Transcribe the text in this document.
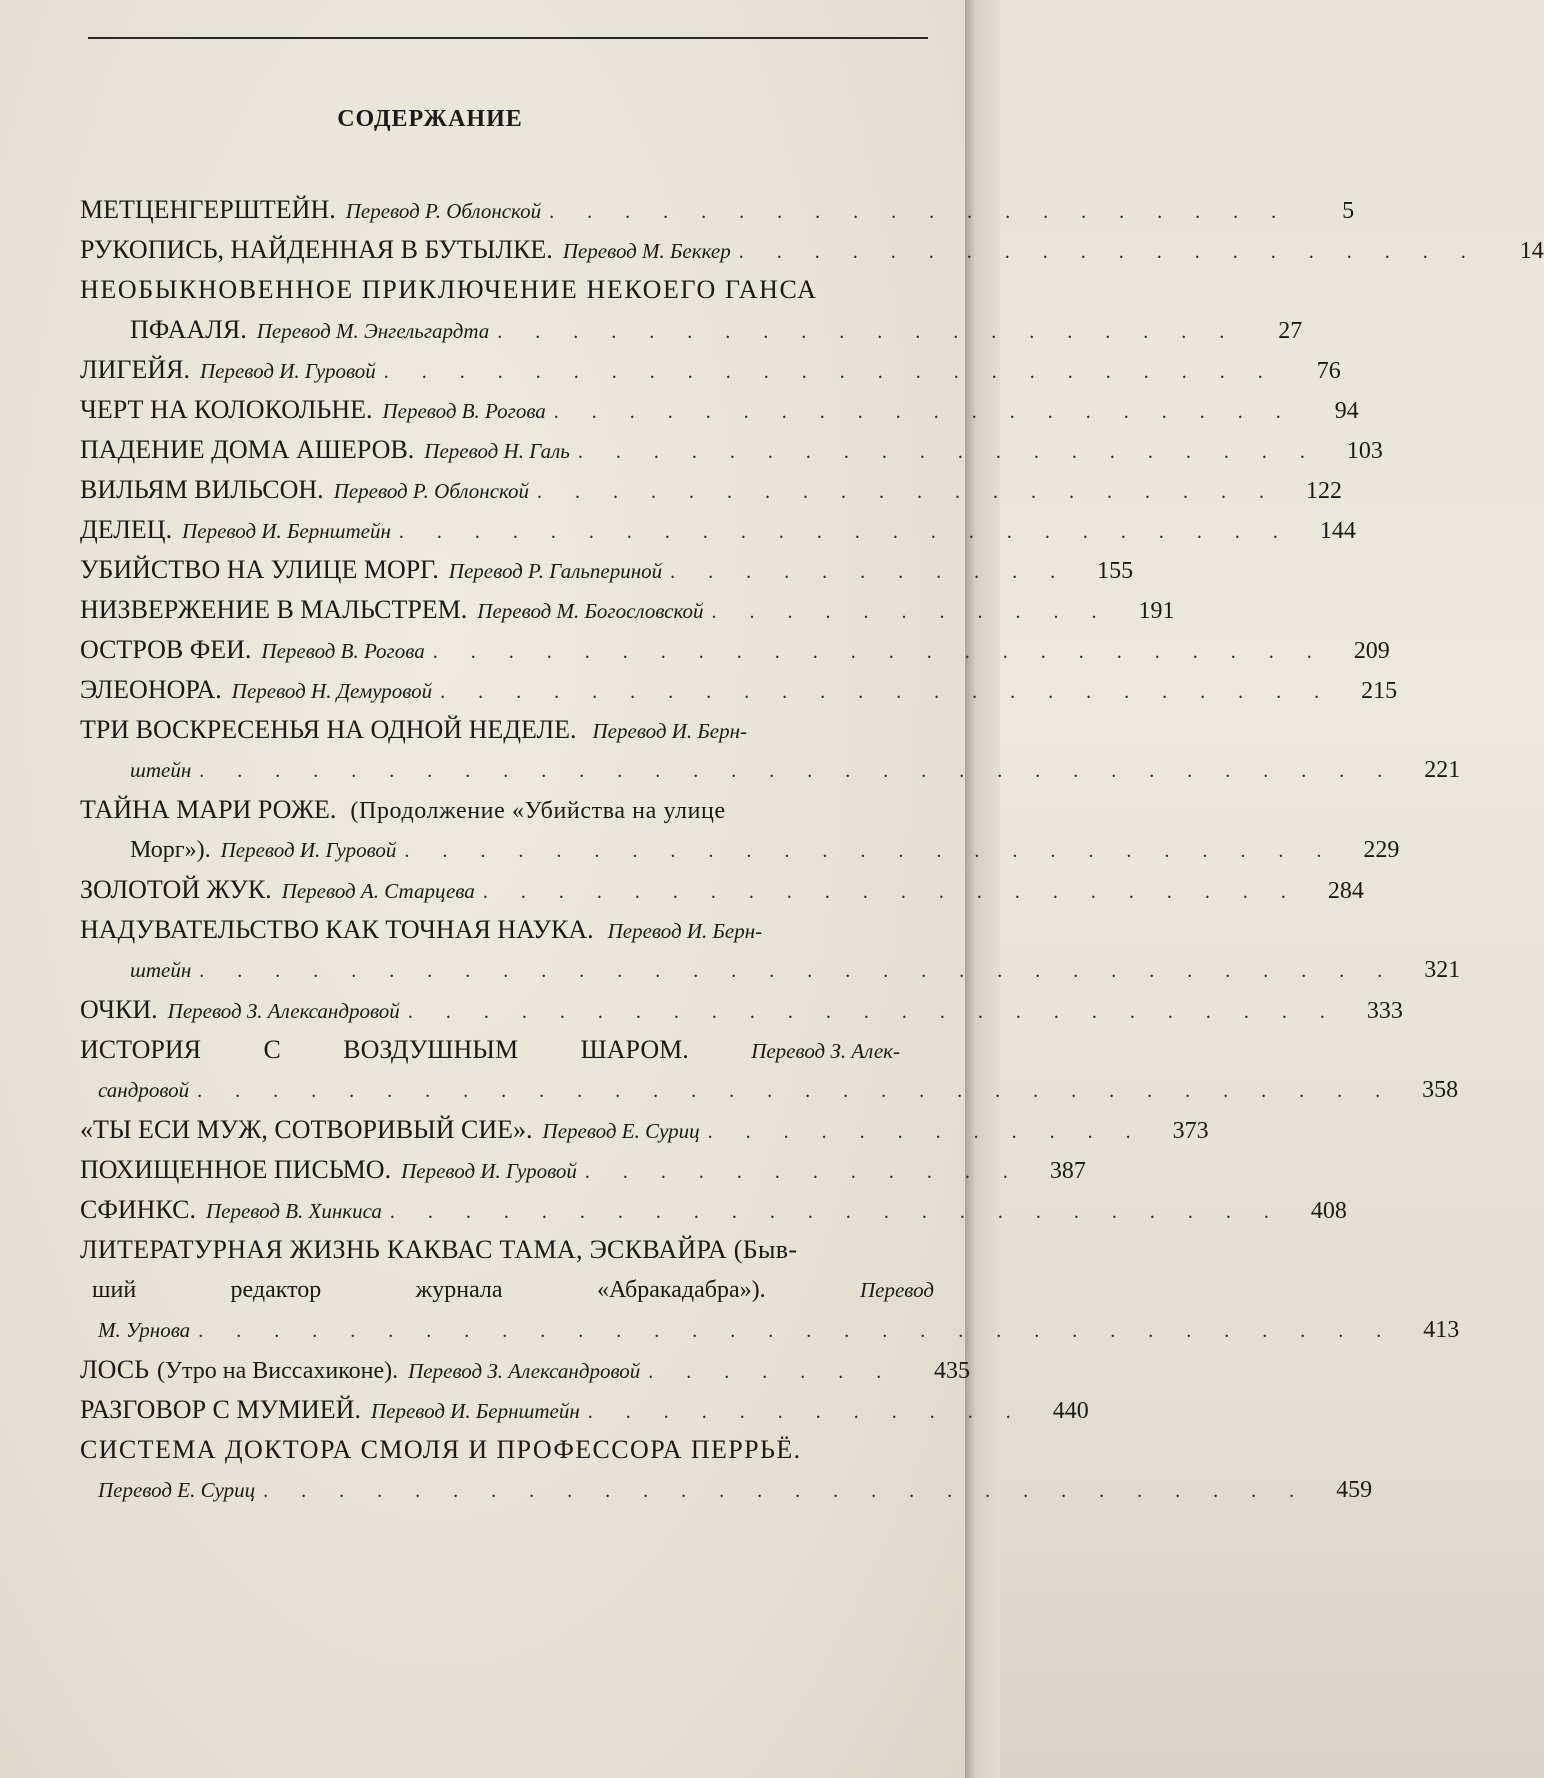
СОДЕРЖАНИЕ
МЕТЦЕНГЕРШТЕЙН. Перевод Р. Облонской . . . . . . . . . . . . . . . . . . . .	5
РУКОПИСЬ, НАЙДЕННАЯ В БУТЫЛКЕ. Перевод М. Беккер . . . . . . . . . . . . . . . . . . . .	14
НЕОБЫКНОВЕННОЕ ПРИКЛЮЧЕНИЕ НЕКОЕГО ГАНСА
ПФААЛЯ. Перевод М. Энгельгардта . . . . . . . . . . . . . . . . . . . .	27
ЛИГЕЙЯ. Перевод И. Гуровой . . . . . . . . . . . . . . . . . . . . . . . .	76
ЧЕРТ НА КОЛОКОЛЬНЕ. Перевод В. Рогова . . . . . . . . . . . . . . . . . . . .	94
ПАДЕНИЕ ДОМА АШЕРОВ. Перевод Н. Галь . . . . . . . . . . . . . . . . . . . .	103
ВИЛЬЯМ ВИЛЬСОН. Перевод Р. Облонской . . . . . . . . . . . . . . . . . . . .	122
ДЕЛЕЦ. Перевод И. Бернштейн . . . . . . . . . . . . . . . . . . . . . . . .	144
УБИЙСТВО НА УЛИЦЕ МОРГ. Перевод Р. Гальпериной . . . . . . . . . . .	155
НИЗВЕРЖЕНИЕ В МАЛЬСТРЕМ. Перевод М. Богословской . . . . . . . . . . .	191
ОСТРОВ ФЕИ. Перевод В. Рогова . . . . . . . . . . . . . . . . . . . . . . . .	209
ЭЛЕОНОРА. Перевод Н. Демуровой . . . . . . . . . . . . . . . . . . . . . . . .	215
ТРИ ВОСКРЕСЕНЬЯ НА ОДНОЙ НЕДЕЛЕ. Перевод И. Берн-
штейн . . . . . . . . . . . . . . . . . . . . . . . . . . . . . . . .	221
ТАЙНА МАРИ РОЖЕ. (Продолжение «Убийства на улице
Морг»). Перевод И. Гуровой . . . . . . . . . . . . . . . . . . . . . . . . .	229
ЗОЛОТОЙ ЖУК. Перевод А. Старцева . . . . . . . . . . . . . . . . . . . . . .	284
НАДУВАТЕЛЬСТВО КАК ТОЧНАЯ НАУКА. Перевод И. Берн-
штейн . . . . . . . . . . . . . . . . . . . . . . . . . . . . . . . .	321
ОЧКИ. Перевод З. Александровой . . . . . . . . . . . . . . . . . . . . . . . . .	333
ИСТОРИЯ С ВОЗДУШНЫМ ШАРОМ.	Перевод З. Алек-
сандровой . . . . . . . . . . . . . . . . . . . . . . . . . . . . . . . .	358
«ТЫ ЕСИ МУЖ, СОТВОРИВЫЙ СИЕ». Перевод Е. Суриц . . . . . . . . . . . .	373
ПОХИЩЕННОЕ ПИСЬМО. Перевод И. Гуровой . . . . . . . . . . . .	387
СФИНКС. Перевод В. Хинкиса . . . . . . . . . . . . . . . . . . . . . . . .	408
ЛИТЕРАТУРНАЯ ЖИЗНЬ КАКВАС ТАМА, ЭСКВАЙРА (Быв-
ший	редактор	журнала	«Абракадабра»).	Перевод
М. Урнова . . . . . . . . . . . . . . . . . . . . . . . . . . . . . . . .	413
ЛОСЬ (Утро на Виссахиконе). Перевод З. Александровой . . . . . . .	435
РАЗГОВОР С МУМИЕЙ. Перевод И. Бернштейн . . . . . . . . . . . .	440
СИСТЕМА ДОКТОРА СМОЛЯ И ПРОФЕССОРА ПЕРРЬЁ.
Перевод Е. Суриц . . . . . . . . . . . . . . . . . . . . . . . . . . . .	459
